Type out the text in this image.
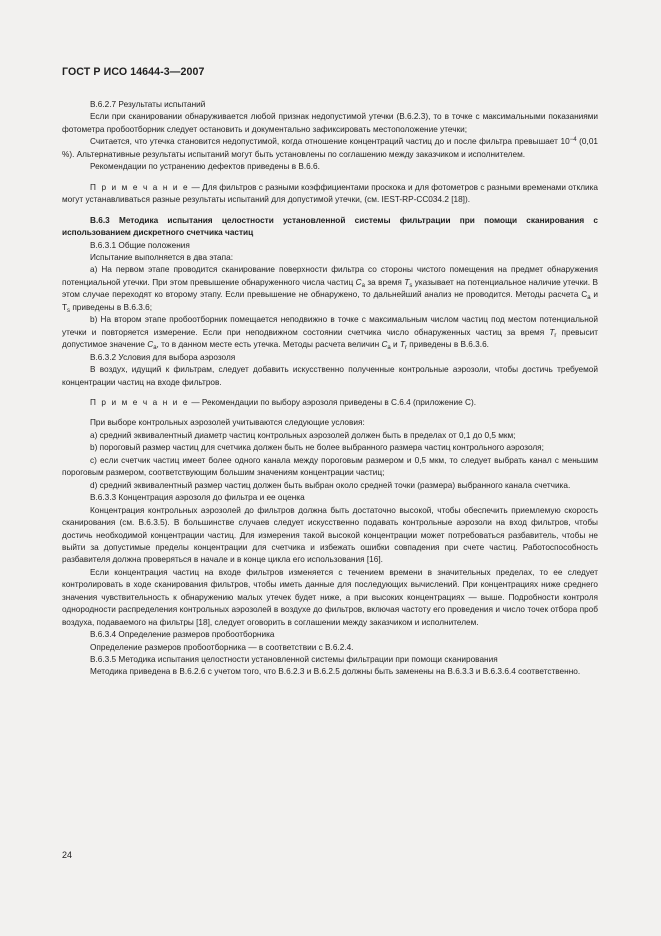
ГОСТ Р ИСО 14644-3—2007

B.6.2.7 Результаты испытаний

Если при сканировании обнаруживается любой признак недопустимой утечки (B.6.2.3), то в точке с максимальными показаниями фотометра пробоотборник следует остановить и документально зафиксировать местоположение утечки;

Считается, что утечка становится недопустимой, когда отношение концентраций частиц до и после фильтра превышает $10^{-4}$ (0,01 %). Альтернативные результаты испытаний могут быть установлены по соглашению между заказчиком и исполнителем.

Рекомендации по устранению дефектов приведены в B.6.6.

П р и м е ч а н и е — Для фильтров с разными коэффициентами проскока и для фотометров с разными временами отклика могут устанавливаться разные результаты испытаний для допустимой утечки, (см. IEST-RP-CC034.2 [18]).

B.6.3 Методика испытания целостности установленной системы фильтрации при помощи сканирования с использованием дискретного счетчика частиц

B.6.3.1 Общие положения

Испытание выполняется в два этапа:

a) На первом этапе проводится сканирование поверхности фильтра со стороны чистого помещения на предмет обнаружения потенциальной утечки. При этом превышение обнаруженного числа частиц $C_a$ за время $T_s$ указывает на потенциальное наличие утечки. В этом случае переходят ко второму этапу. Если превышение не обнаружено, то дальнейший анализ не проводится. Методы расчета $C_a$ и $T_s$ приведены в B.6.3.6;

b) На втором этапе пробоотборник помещается неподвижно в точке с максимальным числом частиц под местом потенциальной утечки и повторяется измерение. Если при неподвижном состоянии счетчика число обнаруженных частиц за время $T_r$ превысит допустимое значение $C_a$, то в данном месте есть утечка. Методы расчета величин $C_a$ и $T_r$ приведены в B.6.3.6.

B.6.3.2 Условия для выбора аэрозоля

В воздух, идущий к фильтрам, следует добавить искусственно полученные контрольные аэрозоли, чтобы достичь требуемой концентрации частиц на входе фильтров.

П р и м е ч а н и е — Рекомендации по выбору аэрозоля приведены в C.6.4 (приложение C).

При выборе контрольных аэрозолей учитываются следующие условия:

a) средний эквивалентный диаметр частиц контрольных аэрозолей должен быть в пределах от 0,1 до 0,5 мкм;

b) пороговый размер частиц для счетчика должен быть не более выбранного размера частиц контрольного аэрозоля;

c) если счетчик частиц имеет более одного канала между пороговым размером и 0,5 мкм, то следует выбрать канал с меньшим пороговым размером, соответствующим большим значениям концентрации частиц;

d) средний эквивалентный размер частиц должен быть выбран около средней точки (размера) выбранного канала счетчика.

B.6.3.3 Концентрация аэрозоля до фильтра и ее оценка

Концентрация контрольных аэрозолей до фильтров должна быть достаточно высокой, чтобы обеспечить приемлемую скорость сканирования (см. B.6.3.5). В большинстве случаев следует искусственно подавать контрольные аэрозоли на вход фильтров, чтобы достичь необходимой концентрации частиц. Для измерения такой высокой концентрации может потребоваться разбавитель, чтобы не выйти за допустимые пределы концентрации для счетчика и избежать ошибки совпадения при счете частиц. Работоспособность разбавителя должна проверяться в начале и в конце цикла его использования [16].

Если концентрация частиц на входе фильтров изменяется с течением времени в значительных пределах, то ее следует контролировать в ходе сканирования фильтров, чтобы иметь данные для последующих вычислений. При концентрациях ниже среднего значения чувствительность к обнаружению малых утечек будет ниже, а при высоких концентрациях — выше. Подробности контроля однородности распределения контрольных аэрозолей в воздухе до фильтров, включая частоту его проведения и число точек отбора проб воздуха, подаваемого на фильтры [18], следует оговорить в соглашении между заказчиком и исполнителем.

B.6.3.4 Определение размеров пробоотборника

Определение размеров пробоотборника — в соответствии с B.6.2.4.

B.6.3.5 Методика испытания целостности установленной системы фильтрации при помощи сканирования

Методика приведена в B.6.2.6 с учетом того, что B.6.2.3 и B.6.2.5 должны быть заменены на B.6.3.3 и B.6.3.6.4 соответственно.

24
